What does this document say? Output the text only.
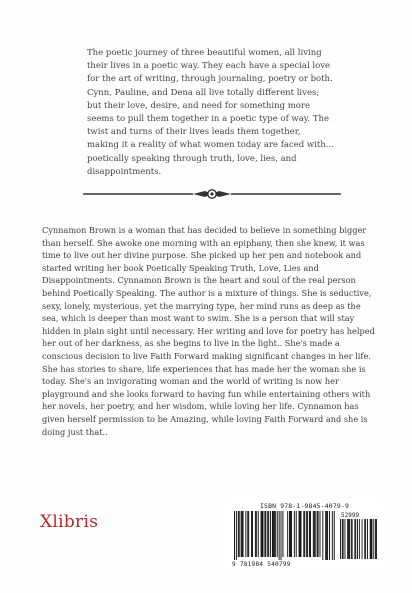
The poetic journey of three beautiful women, all living their lives in a poetic way. They each have a special love for the art of writing, through journaling, poetry or both. Cynn, Pauline, and Dena all live totally different lives; but their love, desire, and need for something more seems to pull them together in a poetic type of way. The twist and turns of their lives leads them together, making it a reality of what women today are faced with... poetically speaking through truth, love, lies, and disappointments.

Cynnamon Brown is a woman that has decided to believe in something bigger than herself. She awoke one morning with an epiphany, then she knew, it was time to live out her divine purpose. She picked up her pen and notebook and started writing her book Poetically Speaking Truth, Love, Lies and Disappointments. Cynnamon Brown is the heart and soul of the real person behind Poetically Speaking. The author is a mixture of things. She is seductive, sexy, lonely, mysterious, yet the marrying type, her mind runs as deep as the sea, which is deeper than most want to swim. She is a person that will stay hidden in plain sight until necessary. Her writing and love for poetry has helped her out of her darkness, as she begins to live in the light.. She's made a conscious decision to live Faith Forward making significant changes in her life. She has stories to share, life experiences that has made her the woman she is today. She's an invigorating woman and the world of writing is now her playground and she looks forward to having fun while entertaining others with her novels, her poetry, and her wisdom, while loving her life. Cynnamon has given herself permission to be Amazing, while loving Faith Forward and she is doing just that..

Xlibris
ISBN 978-1-9845-4079-9
52999
9 781984 540799
